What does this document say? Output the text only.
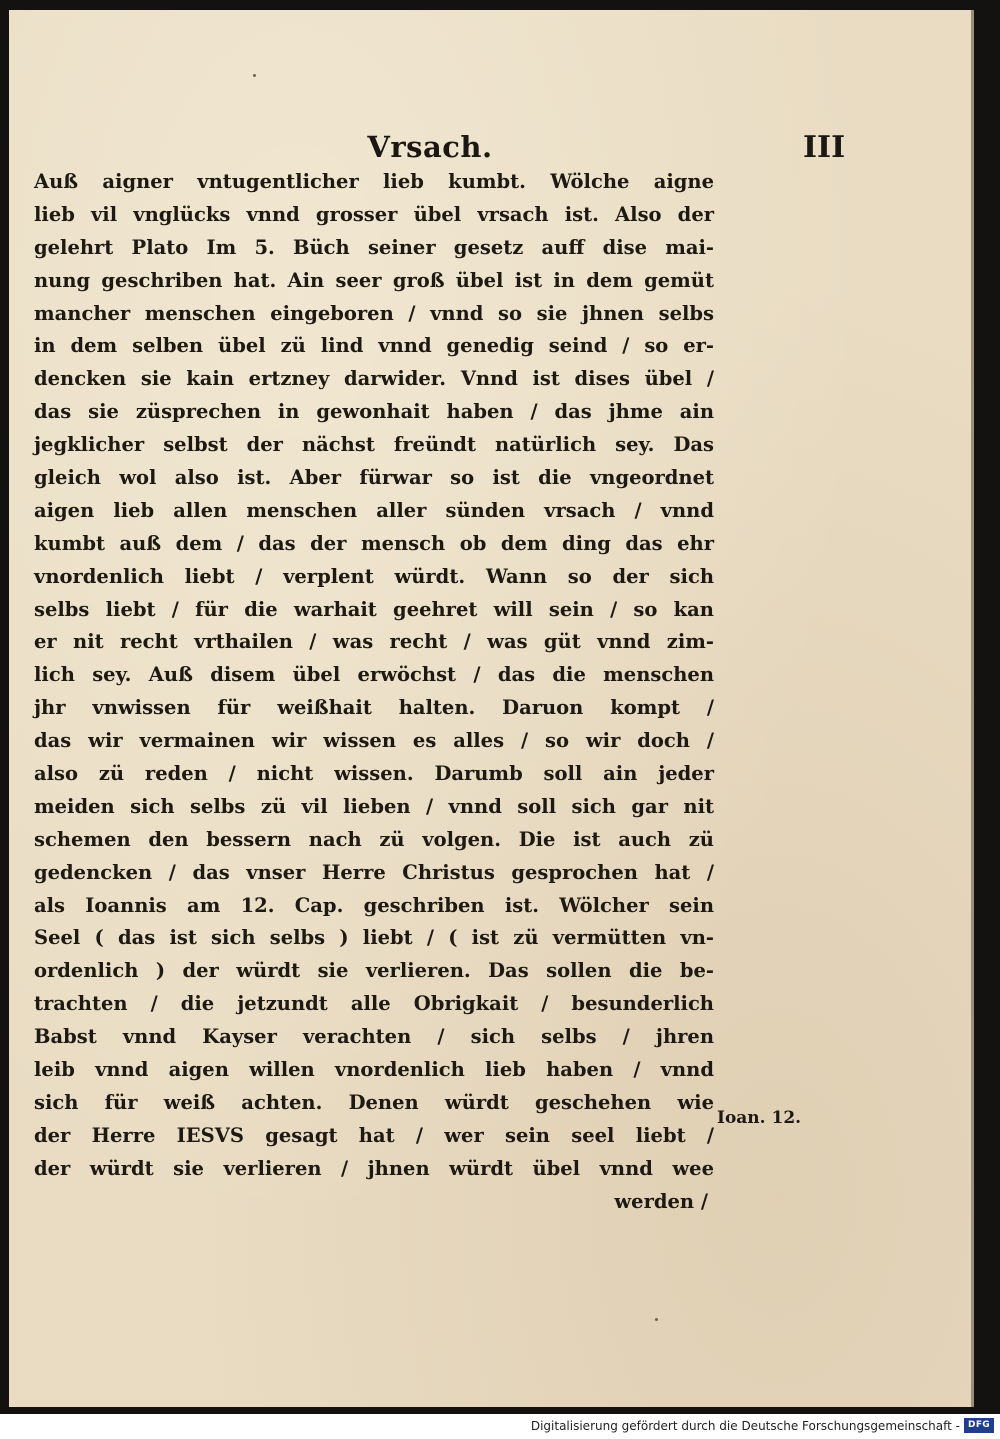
Vrsach.	III
Auß aigner vntugentlicher lieb kumbt. Wölche aigne
lieb vil vnglücks vnnd grosser übel vrsach ist. Also der
gelehrt Plato Im 5. Büch seiner gesetz auff dise mai-
nung geschriben hat. Ain seer groß übel ist in dem gemüt
mancher menschen eingeboren / vnnd so sie jhnen selbs
in dem selben übel zü lind vnnd genedig seind / so er-
dencken sie kain ertzney darwider. Vnnd ist dises übel /
das sie züsprechen in gewonhait haben / das jhme ain
jegklicher selbst der nächst freündt natürlich sey. Das
gleich wol also ist. Aber fürwar so ist die vngeordnet
aigen lieb allen menschen aller sünden vrsach / vnnd
kumbt auß dem / das der mensch ob dem ding das ehr
vnordenlich liebt / verplent würdt. Wann so der sich
selbs liebt / für die warhait geehret will sein / so kan
er nit recht vrthailen / was recht / was güt vnnd zim-
lich sey. Auß disem übel erwöchst / das die menschen
jhr vnwissen für weißhait halten. Daruon kompt /
das wir vermainen wir wissen es alles / so wir doch /
also zü reden / nicht wissen. Darumb soll ain jeder
meiden sich selbs zü vil lieben / vnnd soll sich gar nit
schemen den bessern nach zü volgen. Die ist auch zü
gedencken / das vnser Herre Christus gesprochen hat /
als Ioannis am 12. Cap. geschriben ist. Wölcher sein
Seel ( das ist sich selbs ) liebt / ( ist zü vermütten vn-
ordenlich ) der würdt sie verlieren. Das sollen die be-
trachten / die jetzundt alle Obrigkait / besunderlich
Babst vnnd Kayser verachten / sich selbs / jhren
leib vnnd aigen willen vnordenlich lieb haben / vnnd
sich für weiß achten. Denen würdt geschehen wie
der Herre IESVS gesagt hat / wer sein seel liebt /
der würdt sie verlieren / jhnen würdt übel vnnd wee
werden /
Ioan. 12.
Digitalisierung gefördert durch die Deutsche Forschungsgemeinschaft - DFG
